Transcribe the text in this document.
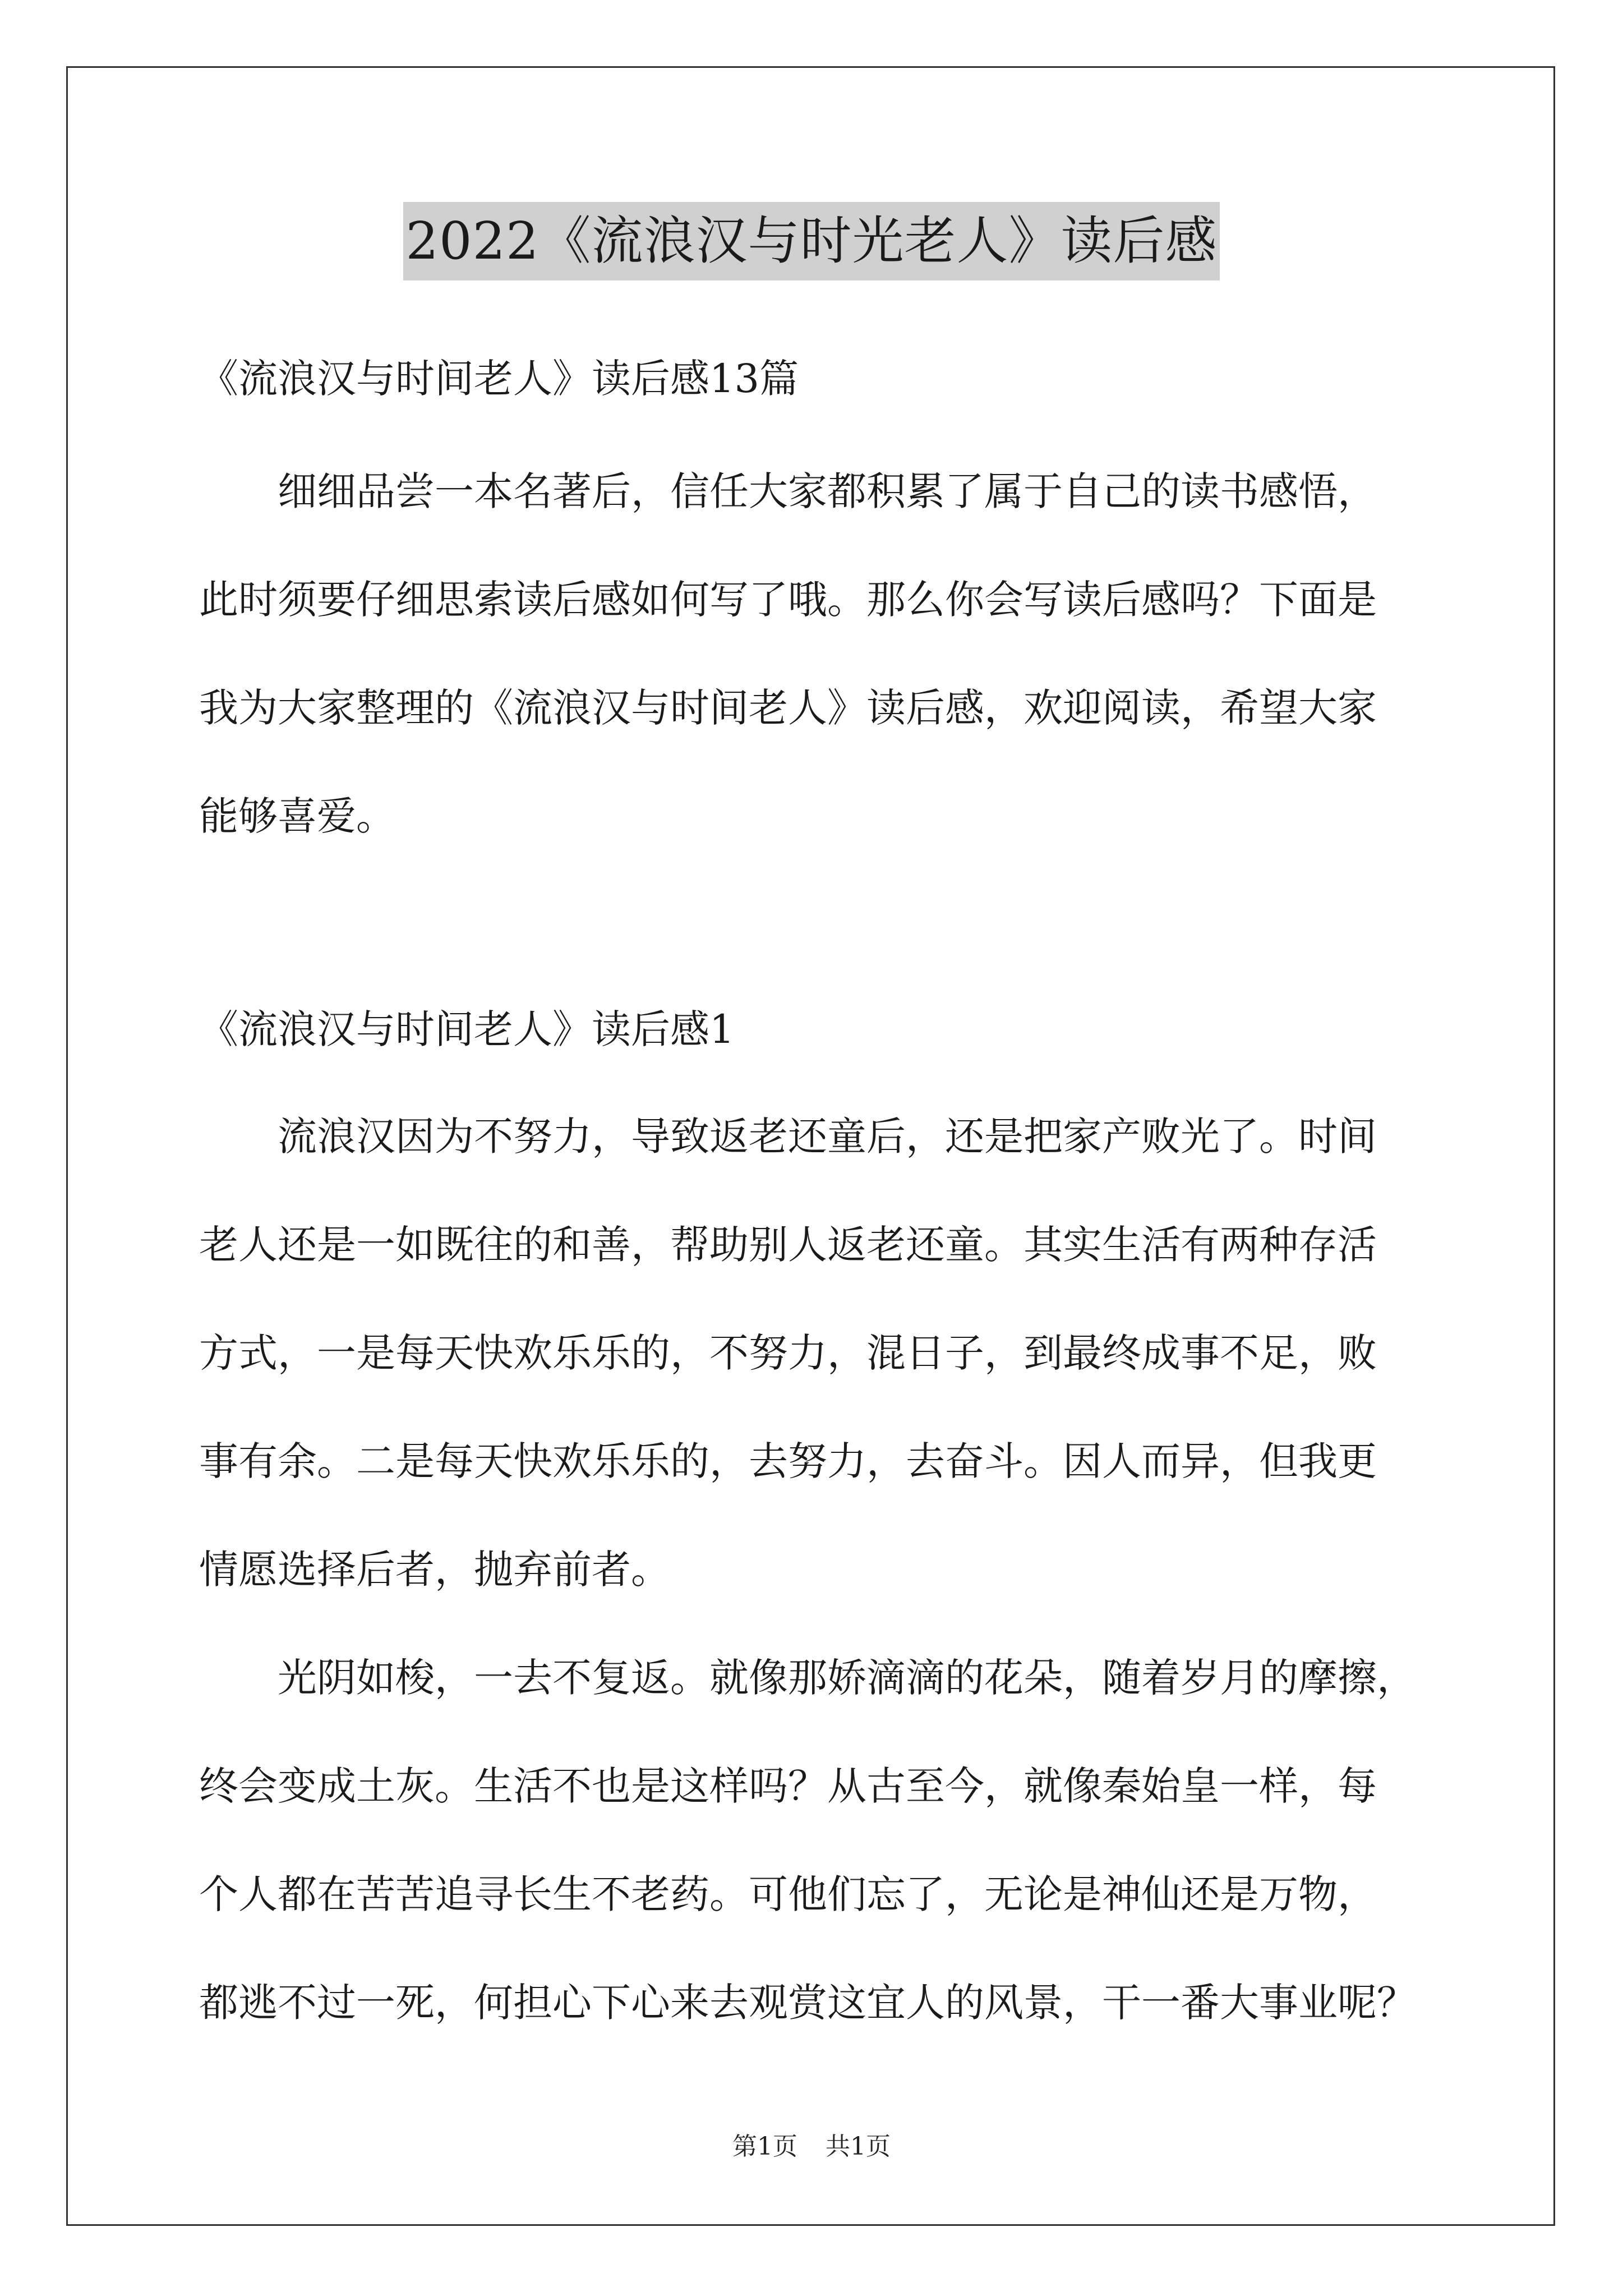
2022《流浪汉与时光老人》读后感
《流浪汉与时间老人》读后感13篇
细细品尝一本名著后，信任大家都积累了属于自己的读书感悟，
此时须要仔细思索读后感如何写了哦。那么你会写读后感吗？下面是
我为大家整理的《流浪汉与时间老人》读后感，欢迎阅读，希望大家
能够喜爱。
《流浪汉与时间老人》读后感1
流浪汉因为不努力，导致返老还童后，还是把家产败光了。时间
老人还是一如既往的和善，帮助别人返老还童。其实生活有两种存活
方式，一是每天快欢乐乐的，不努力，混日子，到最终成事不足，败
事有余。二是每天快欢乐乐的，去努力，去奋斗。因人而异，但我更
情愿选择后者，抛弃前者。
光阴如梭，一去不复返。就像那娇滴滴的花朵，随着岁月的摩擦，
终会变成土灰。生活不也是这样吗？从古至今，就像秦始皇一样，每
个人都在苦苦追寻长生不老药。可他们忘了，无论是神仙还是万物，
都逃不过一死，何担心下心来去观赏这宜人的风景，干一番大事业呢？
第1页 共1页
